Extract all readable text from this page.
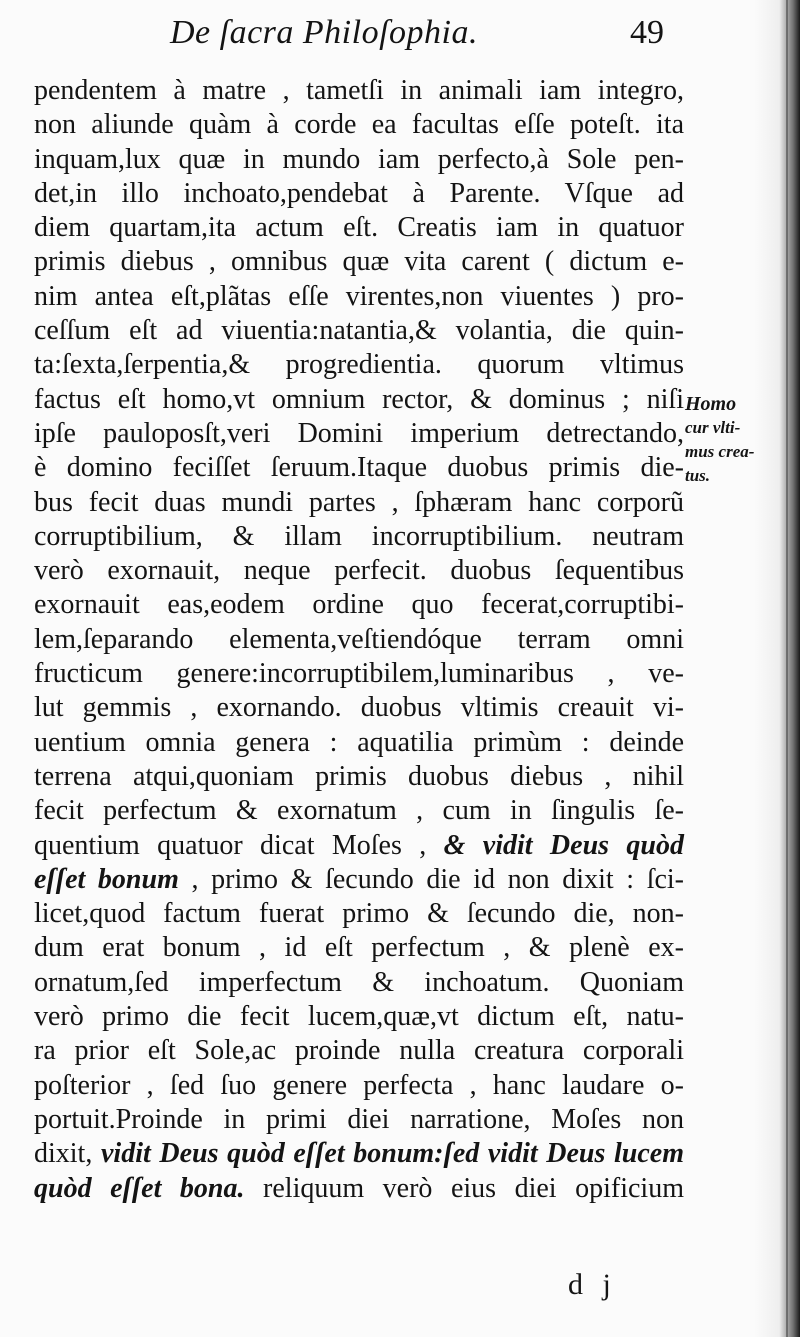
De ſacra Philoſophia.	49
pendentem à matre , tametſi in animali iam integro,
non aliunde quàm à corde ea facultas eſſe poteſt. ita
inquam,lux quæ in mundo iam perfecto,à Sole pen-
det,in illo inchoato,pendebat à Parente. Vſque ad
diem quartam,ita actum eſt. Creatis iam in quatuor
primis diebus , omnibus quæ vita carent ( dictum e-
nim antea eſt,plãtas eſſe virentes,non viuentes ) pro-
ceſſum eſt ad viuentia:natantia,& volantia, die quin-
ta:ſexta,ſerpentia,& progredientia. quorum vltimus
factus eſt homo,vt omnium rector, & dominus ; niſi
ipſe pauloposſt,veri Domini imperium detrectando,
è domino feciſſet ſeruum.Itaque duobus primis die-
bus fecit duas mundi partes , ſphæram hanc corporũ
corruptibilium, & illam incorruptibilium. neutram
verò exornauit, neque perfecit. duobus ſequentibus
exornauit eas,eodem ordine quo fecerat,corruptibi-
lem,ſeparando elementa,veſtiendóque terram omni
fructicum genere:incorruptibilem,luminaribus , ve-
lut gemmis , exornando. duobus vltimis creauit vi-
uentium omnia genera : aquatilia primùm : deinde
terrena atqui,quoniam primis duobus diebus , nihil
fecit perfectum & exornatum , cum in ſingulis ſe-
quentium quatuor dicat Moſes , & vidit Deus quòd
eſſet bonum , primo & ſecundo die id non dixit : ſci-
licet,quod factum fuerat primo & ſecundo die, non-
dum erat bonum , id eſt perfectum , & plenè ex-
ornatum,ſed imperfectum & inchoatum. Quoniam
verò primo die fecit lucem,quæ,vt dictum eſt, natu-
ra prior eſt Sole,ac proinde nulla creatura corporali
poſterior , ſed ſuo genere perfecta , hanc laudare o-
portuit.Proinde in primi diei narratione, Moſes non
dixit, vidit Deus quòd eſſet bonum:ſed vidit Deus lucem
quòd eſſet bona. reliquum verò eius diei opificium
Homo
cur vlti-
mus crea-
tus.
d j
